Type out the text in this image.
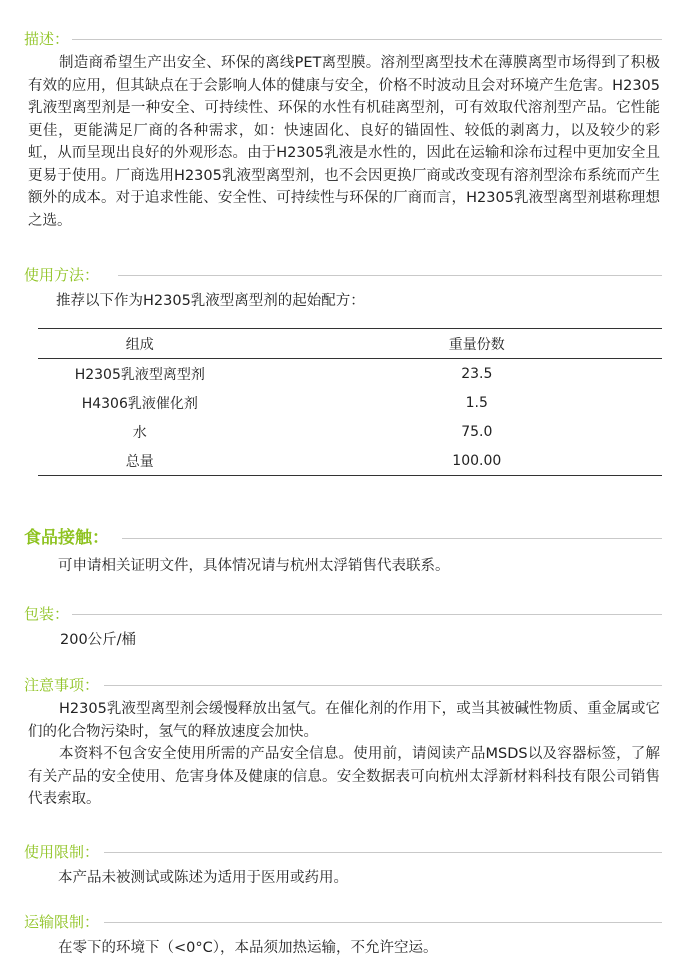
描述：

制造商希望生产出安全、环保的离线PET离型膜。溶剂型离型技术在薄膜离型市场得到了积极有效的应用，但其缺点在于会影响人体的健康与安全，价格不时波动且会对环境产生危害。H2305乳液型离型剂是一种安全、可持续性、环保的水性有机硅离型剂，可有效取代溶剂型产品。它性能更佳，更能满足厂商的各种需求，如：快速固化、良好的锚固性、较低的剥离力，以及较少的彩虹，从而呈现出良好的外观形态。由于H2305乳液是水性的，因此在运输和涂布过程中更加安全且更易于使用。厂商选用H2305乳液型离型剂，也不会因更换厂商或改变现有溶剂型涂布系统而产生额外的成本。对于追求性能、安全性、可持续性与环保的厂商而言，H2305乳液型离型剂堪称理想之选。

使用方法：
推荐以下作为H2305乳液型离型剂的起始配方：
组成	重量份数
H2305乳液型离型剂	23.5
H4306乳液催化剂	1.5
水	75.0
总量	100.00
食品接触：
可申请相关证明文件，具体情况请与杭州太浮销售代表联系。
包装：
200公斤/桶
注意事项：

H2305乳液型离型剂会缓慢释放出氢气。在催化剂的作用下，或当其被碱性物质、重金属或它们的化合物污染时，氢气的释放速度会加快。

本资料不包含安全使用所需的产品安全信息。使用前，请阅读产品MSDS以及容器标签，了解有关产品的安全使用、危害身体及健康的信息。安全数据表可向杭州太浮新材料科技有限公司销售代表索取。

使用限制：
本产品未被测试或陈述为适用于医用或药用。
运输限制：
在零下的环境下（<0°C），本品须加热运输，不允许空运。
